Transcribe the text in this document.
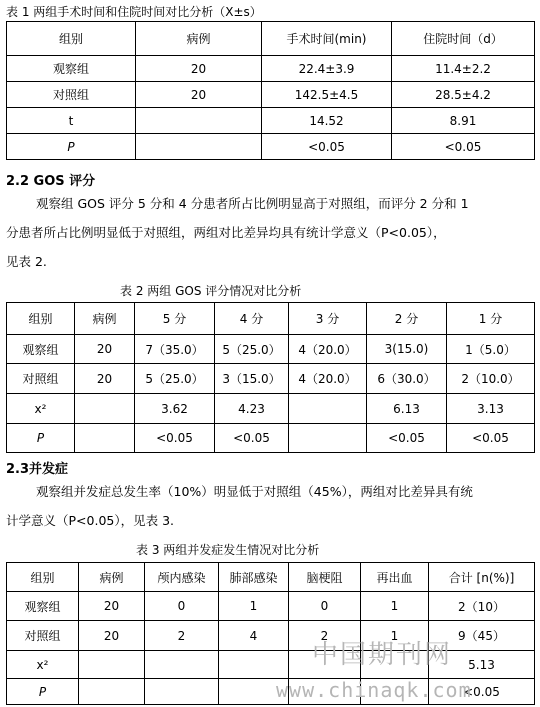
表 1 两组手术时间和住院时间对比分析（X±s）
组别	病例	手术时间(min)	住院时间（d）
观察组	20	22.4±3.9	11.4±2.2
对照组	20	142.5±4.5	28.5±4.2
t		14.52	8.91
P		<0.05	<0.05
2.2 GOS 评分
观察组 GOS 评分 5 分和 4 分患者所占比例明显高于对照组，而评分 2 分和 1
分患者所占比例明显低于对照组，两组对比差异均具有统计学意义（P<0.05），
见表 2.
表 2 两组 GOS 评分情况对比分析
组别	病例	5 分	4 分	3 分	2 分	1 分
观察组	20	7（35.0）	5（25.0）	4（20.0）	3(15.0)	1（5.0）
对照组	20	5（25.0）	3（15.0）	4（20.0）	6（30.0）	2（10.0）
x²		3.62	4.23		6.13	3.13
P		<0.05	<0.05		<0.05	<0.05
2.3并发症
观察组并发症总发生率（10%）明显低于对照组（45%），两组对比差异具有统
计学意义（P<0.05），见表 3.
表 3 两组并发症发生情况对比分析
组别	病例	颅内感染	肺部感染	脑梗阻	再出血	合计 [n(%)]
观察组	20	0	1	0	1	2（10）
对照组	20	2	4	2	1	9（45）
x²						5.13
P						<0.05
中国期刊网
www.chinaqk.com
